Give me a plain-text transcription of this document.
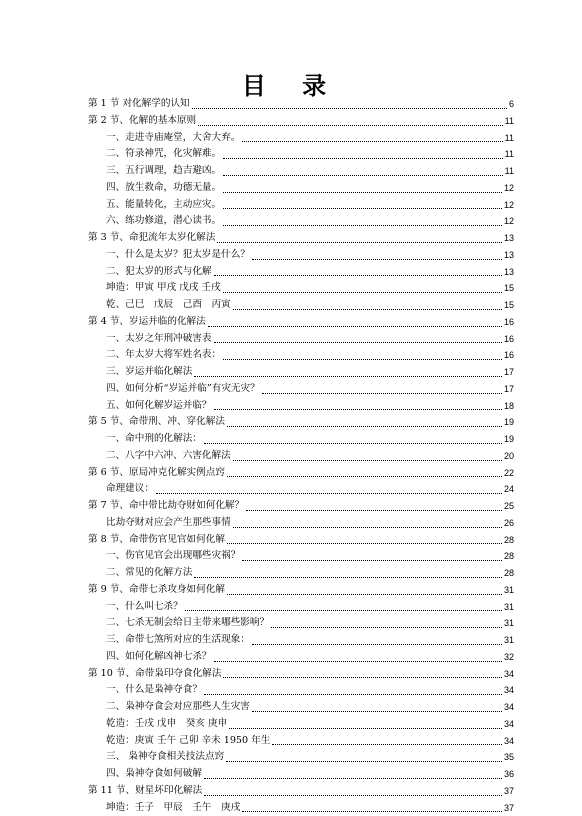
目 录
第 1 节 对化解学的认知	6
第 2 节、化解的基本原则	11
一、走进寺庙庵堂，大舍大弃。	11
二、符录神咒，化灾解难。	11
三、五行调理，趋吉避凶。	11
四、放生救命，功德无量。	12
五、能量转化，主动应灾。	12
六、练功修道，潜心读书。	12
第 3 节、命犯流年太岁化解法	13
一、什么是太岁？犯太岁是什么？	13
二、犯太岁的形式与化解	13
坤造：甲寅 甲戌 戊戌 壬戌	15
乾、己巳　戊辰　己酉　丙寅	15
第 4 节、岁运并临的化解法	16
一、太岁之年刑冲破害表	16
二、年太岁大将军姓名表：	16
三、岁运并临化解法	17
四、如何分析“岁运并临”有灾无灾？	17
五、如何化解岁运并临？	18
第 5 节、命带刑、冲、穿化解法	19
一、命中刑的化解法：	19
二、八字中六冲、六害化解法	20
第 6 节、原局冲克化解实例点窍	22
命理建议：	24
第 7 节、命中带比劫夺财如何化解？	25
比劫夺财对应会产生那些事情	26
第 8 节、命带伤官见官如何化解	28
一、伤官见官会出现哪些灾祸？	28
二、常见的化解方法	28
第 9 节、命带七杀攻身如何化解	31
一、什么叫七杀？	31
二、七杀无制会给日主带来哪些影响？	31
三、命带七煞所对应的生活现象：	31
四、如何化解凶神七杀？	32
第 10 节、命带枭印夺食化解法	34
一、什么是枭神夺食？	34
二、枭神夺食会对应那些人生灾害	34
乾造：壬戌 戊申　癸亥 庚申	34
乾造：庚寅 壬午 己卯 辛未 1950 年生	34
三、 枭神夺食相关技法点窍	35
四、枭神夺食如何破解	36
第 11 节、财星坏印化解法	37
坤造：壬子　甲辰　壬午　庚戌	37
